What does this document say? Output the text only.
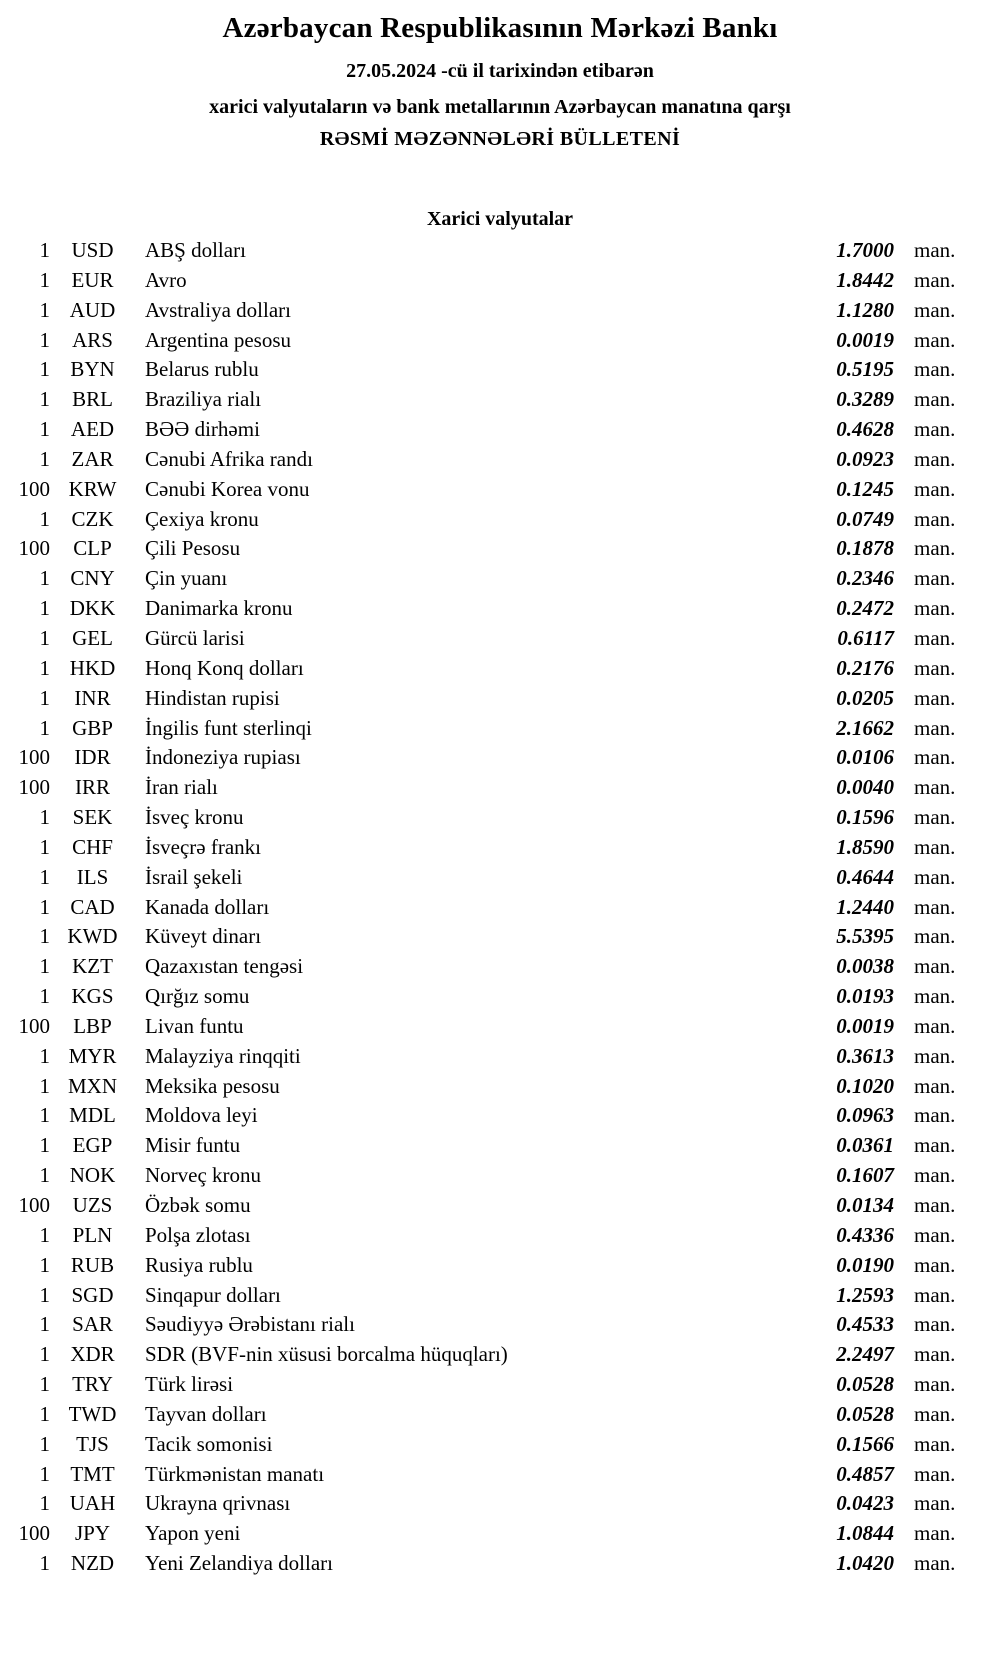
Azərbaycan Respublikasının Mərkəzi Bankı
27.05.2024 -cü il tarixindən etibarən
xarici valyutaların və bank metallarının Azərbaycan manatına qarşı
RƏSMİ MƏZƏNNƏLƏRİ BÜLLETENİ
Xarici valyutalar
1	USD	ABŞ dolları	1.7000 man.
1	EUR	Avro	1.8442 man.
1 AUD	Avstraliya dolları	1.1280 man.
1	ARS	Argentina pesosu	0.0019 man.
1 BYN	Belarus rublu	0.5195 man.
1	BRL	Braziliya rialı	0.3289 man.
1 AED	BƏƏ dirhəmi	0.4628 man.
1	ZAR	Cənubi Afrika randı	0.0923 man.
100 KRW	Cənubi Korea vonu	0.1245 man.
1	CZK	Çexiya kronu	0.0749 man.
100	CLP	Çili Pesosu	0.1878 man.
1 CNY	Çin yuanı	0.2346 man.
1 DKK	Danimarka kronu	0.2472 man.
1	GEL	Gürcü larisi	0.6117 man.
1 HKD	Honq Konq dolları	0.2176 man.
1	INR	Hindistan rupisi	0.0205 man.
1	GBP	İngilis funt sterlinqi	2.1662 man.
100	IDR	İndoneziya rupiası	0.0106 man.
100	IRR	İran rialı	0.0040 man.
1	SEK	İsveç kronu	0.1596 man.
1	CHF	İsveçrə frankı	1.8590 man.
1	ILS	İsrail şekeli	0.4644 man.
1 CAD	Kanada dolları	1.2440 man.
1 KWD	Küveyt dinarı	5.5395 man.
1	KZT	Qazaxıstan tengəsi	0.0038 man.
1	KGS	Qırğız somu	0.0193 man.
100	LBP	Livan funtu	0.0019 man.
1 MYR	Malayziya rinqqiti	0.3613 man.
1 MXN	Meksika pesosu	0.1020 man.
1 MDL	Moldova leyi	0.0963 man.
1	EGP	Misir funtu	0.0361 man.
1 NOK	Norveç kronu	0.1607 man.
100	UZS	Özbək somu	0.0134 man.
1	PLN	Polşa zlotası	0.4336 man.
1 RUB	Rusiya rublu	0.0190 man.
1	SGD	Sinqapur dolları	1.2593 man.
1	SAR	Səudiyyə Ərəbistanı rialı	0.4533 man.
1 XDR	SDR (BVF-nin xüsusi borcalma hüquqları)	2.2497 man.
1	TRY	Türk lirəsi	0.0528 man.
1 TWD	Tayvan dolları	0.0528 man.
1	TJS	Tacik somonisi	0.1566 man.
1 TMT	Türkmənistan manatı	0.4857 man.
1 UAH	Ukrayna qrivnası	0.0423 man.
100	JPY	Yapon yeni	1.0844 man.
1 NZD	Yeni Zelandiya dolları	1.0420 man.
